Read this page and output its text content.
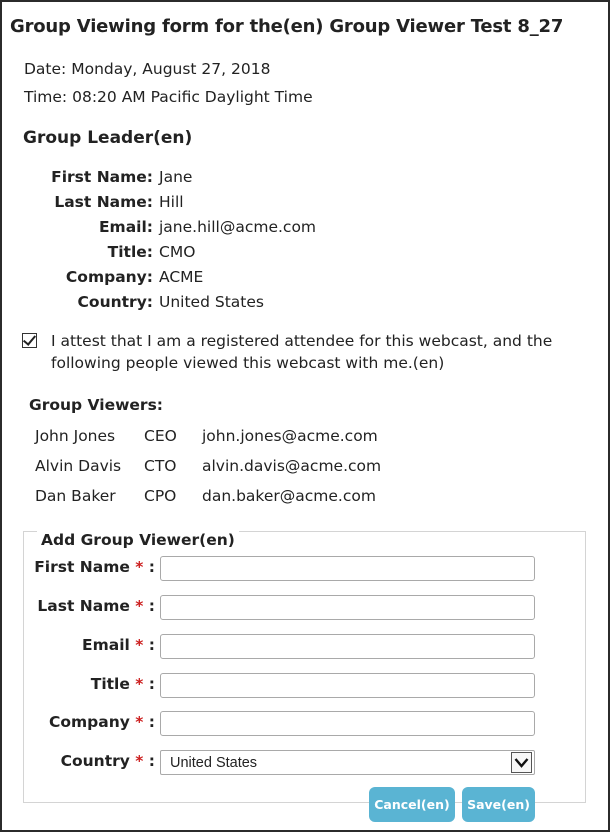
Group Viewing form for the(en) Group Viewer Test 8_27
Date: Monday, August 27, 2018
Time: 08:20 AM Pacific Daylight Time
Group Leader(en)
First Name: Jane
Last Name: Hill
Email: jane.hill@acme.com
Title: CMO
Company: ACME
Country: United States
I attest that I am a registered attendee for this webcast, and the following people viewed this webcast with me.(en)
Group Viewers:
John Jones	CEO	john.jones@acme.com
Alvin Davis	CTO	alvin.davis@acme.com
Dan Baker	CPO	dan.baker@acme.com
Add Group Viewer(en)
First Name * :
Last Name * :
Email * :
Title * :
Company * :
Country * : United States
Cancel(en)	Save(en)
